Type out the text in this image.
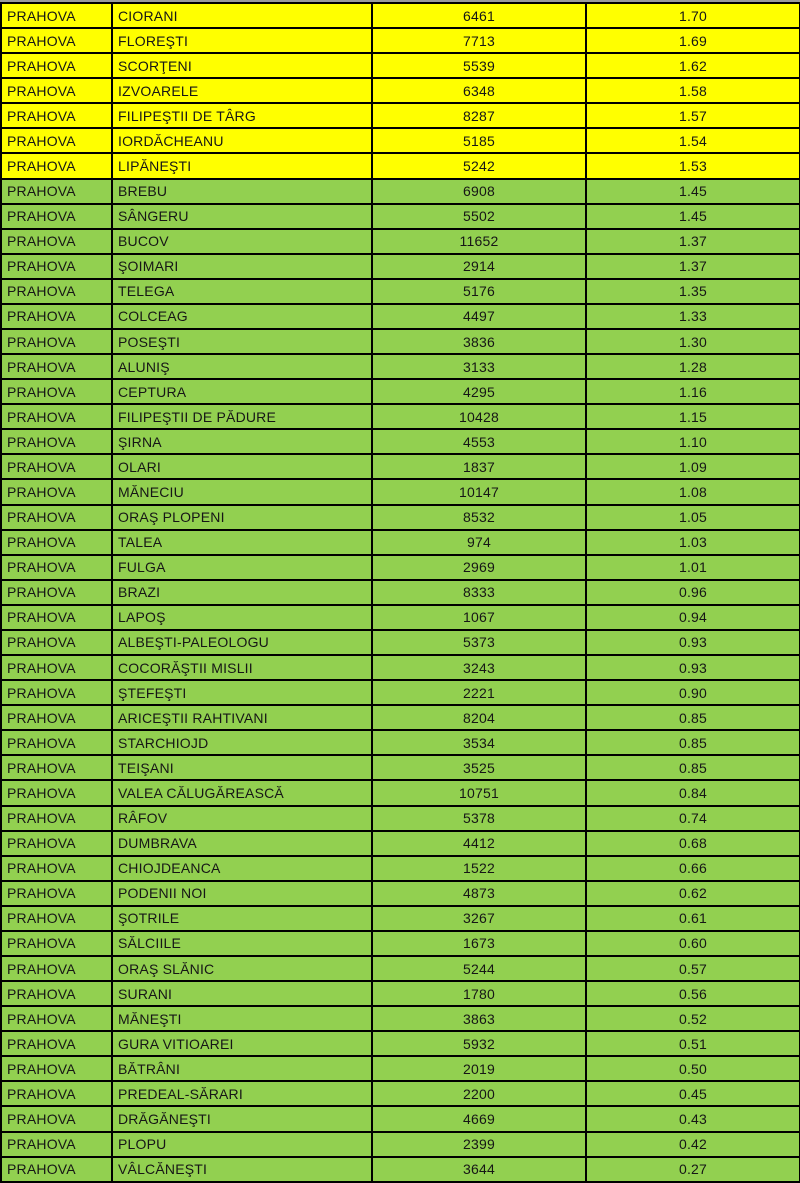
PRAHOVA	CIORANI	6461	1.70
PRAHOVA	FLOREŞTI	7713	1.69
PRAHOVA	SCORŢENI	5539	1.62
PRAHOVA	IZVOARELE	6348	1.58
PRAHOVA	FILIPEŞTII DE TÂRG	8287	1.57
PRAHOVA	IORDĂCHEANU	5185	1.54
PRAHOVA	LIPĂNEŞTI	5242	1.53
PRAHOVA	BREBU	6908	1.45
PRAHOVA	SÂNGERU	5502	1.45
PRAHOVA	BUCOV	11652	1.37
PRAHOVA	ŞOIMARI	2914	1.37
PRAHOVA	TELEGA	5176	1.35
PRAHOVA	COLCEAG	4497	1.33
PRAHOVA	POSEŞTI	3836	1.30
PRAHOVA	ALUNIŞ	3133	1.28
PRAHOVA	CEPTURA	4295	1.16
PRAHOVA	FILIPEŞTII DE PĂDURE	10428	1.15
PRAHOVA	ŞIRNA	4553	1.10
PRAHOVA	OLARI	1837	1.09
PRAHOVA	MĂNECIU	10147	1.08
PRAHOVA	ORAŞ PLOPENI	8532	1.05
PRAHOVA	TALEA	974	1.03
PRAHOVA	FULGA	2969	1.01
PRAHOVA	BRAZI	8333	0.96
PRAHOVA	LAPOŞ	1067	0.94
PRAHOVA	ALBEŞTI-PALEOLOGU	5373	0.93
PRAHOVA	COCORĂŞTII MISLII	3243	0.93
PRAHOVA	ŞTEFEŞTI	2221	0.90
PRAHOVA	ARICEŞTII RAHTIVANI	8204	0.85
PRAHOVA	STARCHIOJD	3534	0.85
PRAHOVA	TEIŞANI	3525	0.85
PRAHOVA	VALEA CĂLUGĂREASCĂ	10751	0.84
PRAHOVA	RÂFOV	5378	0.74
PRAHOVA	DUMBRAVA	4412	0.68
PRAHOVA	CHIOJDEANCA	1522	0.66
PRAHOVA	PODENII NOI	4873	0.62
PRAHOVA	ŞOTRILE	3267	0.61
PRAHOVA	SĂLCIILE	1673	0.60
PRAHOVA	ORAŞ SLĂNIC	5244	0.57
PRAHOVA	SURANI	1780	0.56
PRAHOVA	MĂNEŞTI	3863	0.52
PRAHOVA	GURA VITIOAREI	5932	0.51
PRAHOVA	BĂTRÂNI	2019	0.50
PRAHOVA	PREDEAL-SĂRARI	2200	0.45
PRAHOVA	DRĂGĂNEŞTI	4669	0.43
PRAHOVA	PLOPU	2399	0.42
PRAHOVA	VÂLCĂNEŞTI	3644	0.27
